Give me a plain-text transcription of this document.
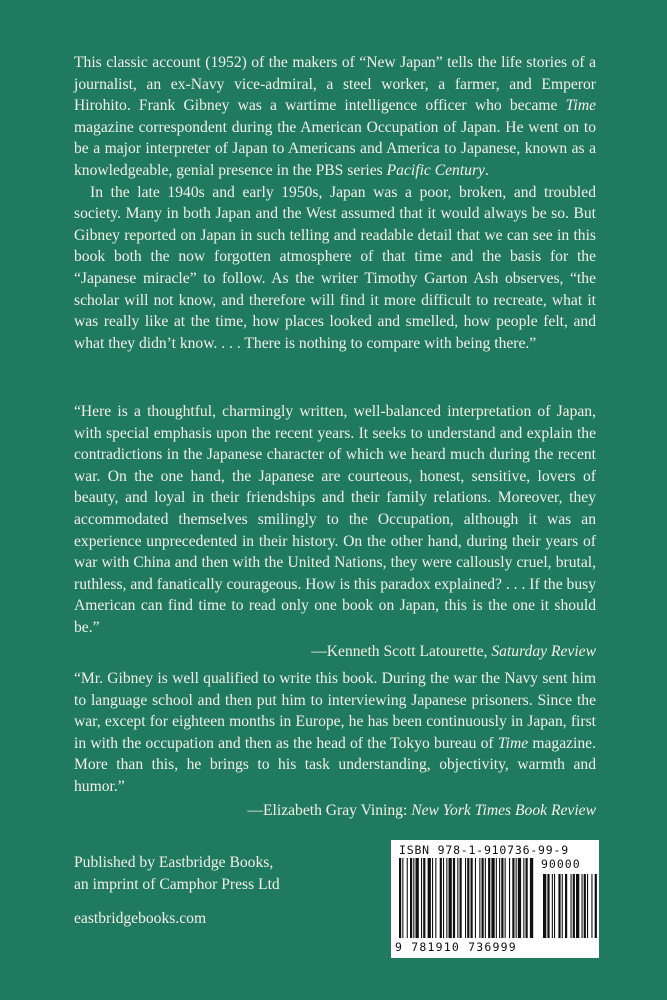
This classic account (1952) of the makers of “New Japan” tells the life stories of a journalist, an ex-Navy vice-admiral, a steel worker, a farmer, and Emperor Hirohito. Frank Gibney was a wartime intelligence officer who became Time magazine correspondent during the American Occupation of Japan. He went on to be a major interpreter of Japan to Americans and America to Japanese, known as a knowledgeable, genial presence in the PBS series Pacific Century.

In the late 1940s and early 1950s, Japan was a poor, broken, and troubled society. Many in both Japan and the West assumed that it would always be so. But Gibney reported on Japan in such telling and readable detail that we can see in this book both the now forgotten atmosphere of that time and the basis for the “Japanese miracle” to follow. As the writer Timothy Garton Ash observes, “the scholar will not know, and therefore will find it more difficult to recreate, what it was really like at the time, how places looked and smelled, how people felt, and what they didn’t know. . . . There is nothing to compare with being there.”

“Here is a thoughtful, charmingly written, well-balanced interpretation of Japan, with special emphasis upon the recent years. It seeks to understand and explain the contradictions in the Japanese character of which we heard much during the recent war. On the one hand, the Japanese are courteous, honest, sensitive, lovers of beauty, and loyal in their friendships and their family relations. Moreover, they accommodated themselves smilingly to the Occupation, although it was an experience unprecedented in their history. On the other hand, during their years of war with China and then with the United Nations, they were callously cruel, brutal, ruthless, and fanatically courageous. How is this paradox explained? . . . If the busy American can find time to read only one book on Japan, this is the one it should be.”

—Kenneth Scott Latourette, Saturday Review

“Mr. Gibney is well qualified to write this book. During the war the Navy sent him to language school and then put him to interviewing Japanese prisoners. Since the war, except for eighteen months in Europe, he has been continuously in Japan, first in with the occupation and then as the head of the Tokyo bureau of Time magazine. More than this, he brings to his task understanding, objectivity, warmth and humor.”

—Elizabeth Gray Vining: New York Times Book Review
Published by Eastbridge Books,
an imprint of Camphor Press Ltd
eastbridgebooks.com
ISBN 978-1-910736-99-9
90000
9 781910 736999
